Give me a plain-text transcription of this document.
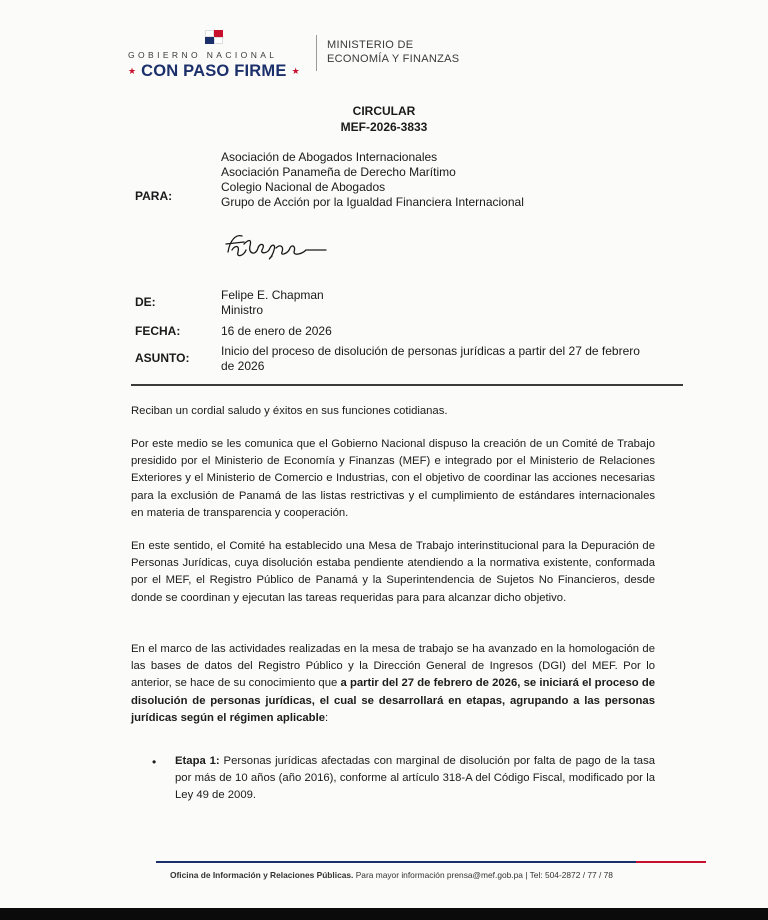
GOBIERNO NACIONAL
★ CON PASO FIRME ★
MINISTERIO DE
ECONOMÍA Y FINANZAS
CIRCULAR
MEF-2026-3833
PARA:
Asociación de Abogados Internacionales
Asociación Panameña de Derecho Marítimo
Colegio Nacional de Abogados
Grupo de Acción por la Igualdad Financiera Internacional
DE:	Felipe E. Chapman
Ministro
FECHA:	16 de enero de 2026
ASUNTO:	Inicio del proceso de disolución de personas jurídicas a partir del 27 de febrero
de 2026
Reciban un cordial saludo y éxitos en sus funciones cotidianas.
Por este medio se les comunica que el Gobierno Nacional dispuso la creación de un Comité de Trabajo presidido por el Ministerio de Economía y Finanzas (MEF) e integrado por el Ministerio de Relaciones Exteriores y el Ministerio de Comercio e Industrias, con el objetivo de coordinar las acciones necesarias para la exclusión de Panamá de las listas restrictivas y el cumplimiento de estándares internacionales en materia de transparencia y cooperación.
En este sentido, el Comité ha establecido una Mesa de Trabajo interinstitucional para la Depuración de Personas Jurídicas, cuya disolución estaba pendiente atendiendo a la normativa existente, conformada por el MEF, el Registro Público de Panamá y la Superintendencia de Sujetos No Financieros, desde donde se coordinan y ejecutan las tareas requeridas para para alcanzar dicho objetivo.
En el marco de las actividades realizadas en la mesa de trabajo se ha avanzado en la homologación de las bases de datos del Registro Público y la Dirección General de Ingresos (DGI) del MEF. Por lo anterior, se hace de su conocimiento que a partir del 27 de febrero de 2026, se iniciará el proceso de disolución de personas jurídicas, el cual se desarrollará en etapas, agrupando a las personas jurídicas según el régimen aplicable:
• Etapa 1: Personas jurídicas afectadas con marginal de disolución por falta de pago de la tasa por más de 10 años (año 2016), conforme al artículo 318-A del Código Fiscal, modificado por la Ley 49 de 2009.
Oficina de Información y Relaciones Públicas. Para mayor información prensa@mef.gob.pa | Tel: 504-2872 / 77 / 78
